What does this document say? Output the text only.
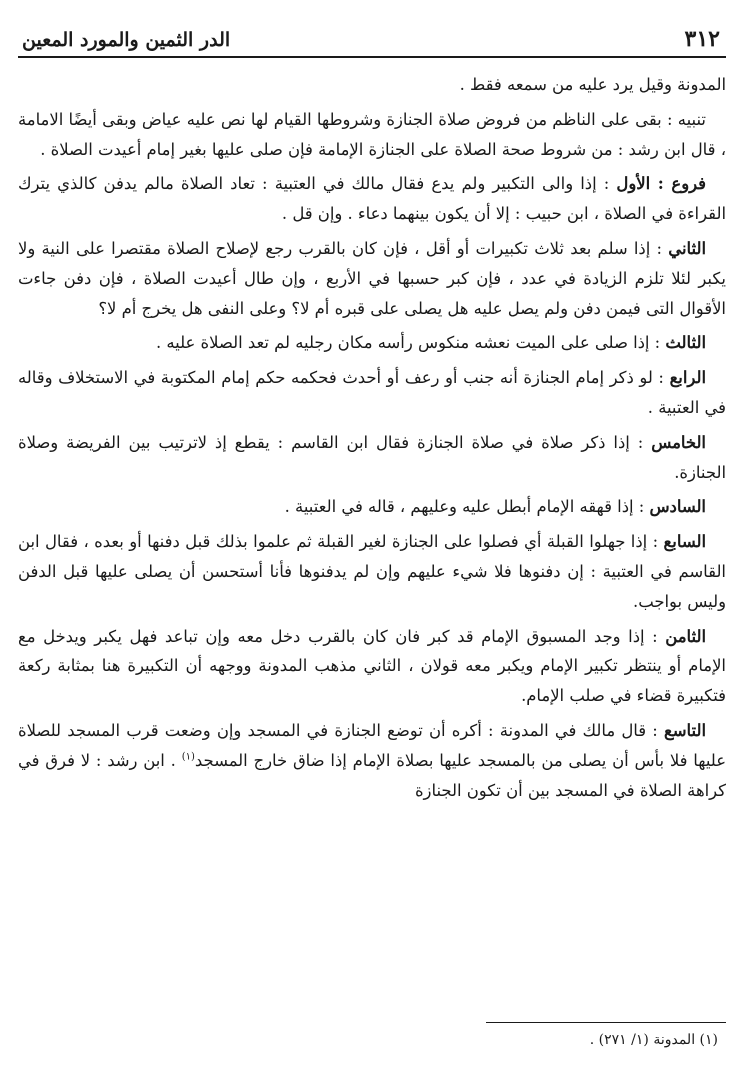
٣١٢
الدر الثمين والمورد المعين

المدونة وقيل يرد عليه من سمعه فقط .

تنبيه : بقى على الناظم من فروض صلاة الجنازة وشروطها القيام لها نص عليه عياض وبقى أيضًا الامامة ، قال ابن رشد : من شروط صحة الصلاة على الجنازة الإمامة فإن صلى عليها بغير إمام أعيدت الصلاة .

فروع : الأول : إذا والى التكبير ولم يدع فقال مالك في العتبية : تعاد الصلاة مالم يدفن كالذي يترك القراءة في الصلاة ، ابن حبيب : إلا أن يكون بينهما دعاء . وإن قل .

الثاني : إذا سلم بعد ثلاث تكبيرات أو أقل ، فإن كان بالقرب رجع لإصلاح الصلاة مقتصرا على النية ولا يكبر لئلا تلزم الزيادة في عدد ، فإن كبر حسبها في الأربع ، وإن طال أعيدت الصلاة ، فإن دفن جاءت الأقوال التى فيمن دفن ولم يصل عليه هل يصلى على قبره أم لا؟ وعلى النفى هل يخرج أم لا؟

الثالث : إذا صلى على الميت نعشه منكوس رأسه مكان رجليه لم تعد الصلاة عليه .

الرابع : لو ذكر إمام الجنازة أنه جنب أو رعف أو أحدث فحكمه حكم إمام المكتوبة في الاستخلاف وقاله في العتبية .

الخامس : إذا ذكر صلاة في صلاة الجنازة فقال ابن القاسم : يقطع إذ لاترتيب بين الفريضة وصلاة الجنازة.

السادس : إذا قهقه الإمام أبطل عليه وعليهم ، قاله في العتبية .

السابع : إذا جهلوا القبلة أي فصلوا على الجنازة لغير القبلة ثم علموا بذلك قبل دفنها أو بعده ، فقال ابن القاسم في العتبية : إن دفنوها فلا شيء عليهم وإن لم يدفنوها فأنا أستحسن أن يصلى عليها قبل الدفن وليس بواجب.

الثامن : إذا وجد المسبوق الإمام قد كبر فان كان بالقرب دخل معه وإن تباعد فهل يكبر ويدخل مع الإمام أو ينتظر تكبير الإمام ويكبر معه قولان ، الثاني مذهب المدونة ووجهه أن التكبيرة هنا بمثابة ركعة فتكبيرة قضاء في صلب الإمام.

التاسع : قال مالك في المدونة : أكره أن توضع الجنازة في المسجد وإن وضعت قرب المسجد للصلاة عليها فلا بأس أن يصلى من بالمسجد عليها بصلاة الإمام إذا ضاق خارج المسجد$^{(١)}$ . ابن رشد : لا فرق في كراهة الصلاة في المسجد بين أن تكون الجنازة

(١) المدونة (١/ ٢٧١) .
